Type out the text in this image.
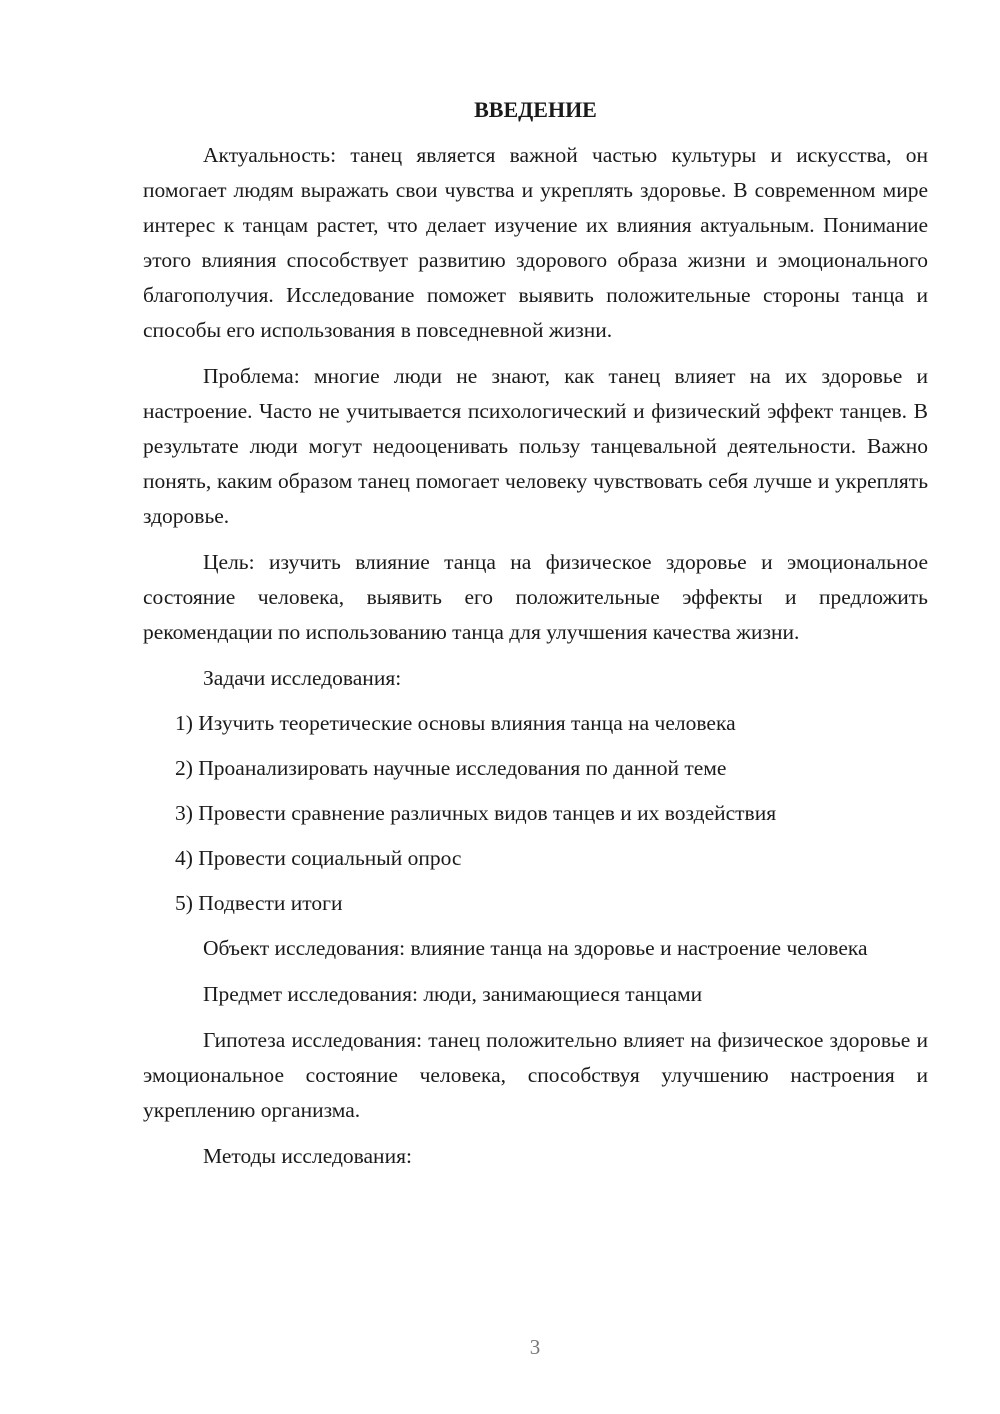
ВВЕДЕНИЕ

Актуальность: танец является важной частью культуры и искусства, он помогает людям выражать свои чувства и укреплять здоровье. В современном мире интерес к танцам растет, что делает изучение их влияния актуальным. Понимание этого влияния способствует развитию здорового образа жизни и эмоционального благополучия. Исследование поможет выявить положительные стороны танца и способы его использования в повседневной жизни.

Проблема: многие люди не знают, как танец влияет на их здоровье и настроение. Часто не учитывается психологический и физический эффект танцев. В результате люди могут недооценивать пользу танцевальной деятельности. Важно понять, каким образом танец помогает человеку чувствовать себя лучше и укреплять здоровье.

Цель: изучить влияние танца на физическое здоровье и эмоциональное состояние человека, выявить его положительные эффекты и предложить рекомендации по использованию танца для улучшения качества жизни.

Задачи исследования:

1) Изучить теоретические основы влияния танца на человека
2) Проанализировать научные исследования по данной теме
3) Провести сравнение различных видов танцев и их воздействия
4) Провести социальный опрос
5) Подвести итоги

Объект исследования: влияние танца на здоровье и настроение человека

Предмет исследования: люди, занимающиеся танцами

Гипотеза исследования: танец положительно влияет на физическое здоровье и эмоциональное состояние человека, способствуя улучшению настроения и укреплению организма.

Методы исследования:

3
